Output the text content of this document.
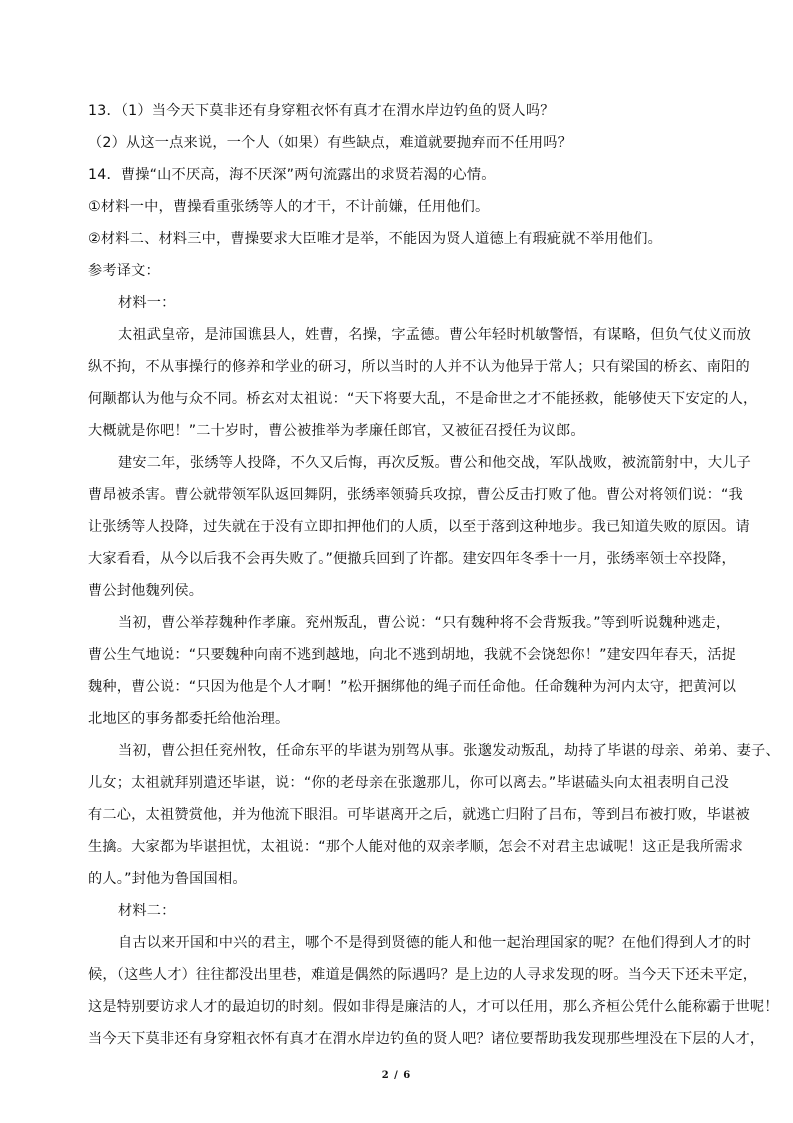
13．（1）当今天下莫非还有身穿粗衣怀有真才在渭水岸边钓鱼的贤人吗？
（2）从这一点来说，一个人（如果）有些缺点，难道就要抛弃而不任用吗？
14．曹操“山不厌高，海不厌深”两句流露出的求贤若渴的心情。
①材料一中，曹操看重张绣等人的才干，不计前嫌，任用他们。
②材料二、材料三中，曹操要求大臣唯才是举，不能因为贤人道德上有瑕疵就不举用他们。
参考译文：
材料一：
太祖武皇帝，是沛国谯县人，姓曹，名操，字孟德。曹公年轻时机敏警悟，有谋略，但负气仗义而放
纵不拘，不从事操行的修养和学业的研习，所以当时的人并不认为他异于常人；只有梁国的桥玄、南阳的
何颙都认为他与众不同。桥玄对太祖说：“天下将要大乱，不是命世之才不能拯救，能够使天下安定的人，
大概就是你吧！”二十岁时，曹公被推举为孝廉任郎官，又被征召授任为议郎。
建安二年，张绣等人投降，不久又后悔，再次反叛。曹公和他交战，军队战败，被流箭射中，大儿子
曹昂被杀害。曹公就带领军队返回舞阴，张绣率领骑兵攻掠，曹公反击打败了他。曹公对将领们说：“我
让张绣等人投降，过失就在于没有立即扣押他们的人质，以至于落到这种地步。我已知道失败的原因。请
大家看看，从今以后我不会再失败了。”便撤兵回到了许都。建安四年冬季十一月，张绣率领士卒投降，
曹公封他魏列侯。
当初，曹公举荐魏种作孝廉。兖州叛乱，曹公说：“只有魏种将不会背叛我。”等到听说魏种逃走，
曹公生气地说：“只要魏种向南不逃到越地，向北不逃到胡地，我就不会饶恕你！”建安四年春天，活捉
魏种，曹公说：“只因为他是个人才啊！”松开捆绑他的绳子而任命他。任命魏种为河内太守，把黄河以
北地区的事务都委托给他治理。
当初，曹公担任兖州牧，任命东平的毕谌为别驾从事。张邈发动叛乱，劫持了毕谌的母亲、弟弟、妻子、
儿女；太祖就拜别遣还毕谌，说：“你的老母亲在张邈那儿，你可以离去。”毕谌磕头向太祖表明自己没
有二心，太祖赞赏他，并为他流下眼泪。可毕谌离开之后，就逃亡归附了吕布，等到吕布被打败，毕谌被
生擒。大家都为毕谌担忧，太祖说：“那个人能对他的双亲孝顺，怎会不对君主忠诚呢！这正是我所需求
的人。”封他为鲁国国相。
材料二：
自古以来开国和中兴的君主，哪个不是得到贤德的能人和他一起治理国家的呢？在他们得到人才的时
候，（这些人才）往往都没出里巷，难道是偶然的际遇吗？是上边的人寻求发现的呀。当今天下还未平定，
这是特别要访求人才的最迫切的时刻。假如非得是廉洁的人，才可以任用，那么齐桓公凭什么能称霸于世呢！
当今天下莫非还有身穿粗衣怀有真才在渭水岸边钓鱼的贤人吧？诸位要帮助我发现那些埋没在下层的人才，
2 / 6
